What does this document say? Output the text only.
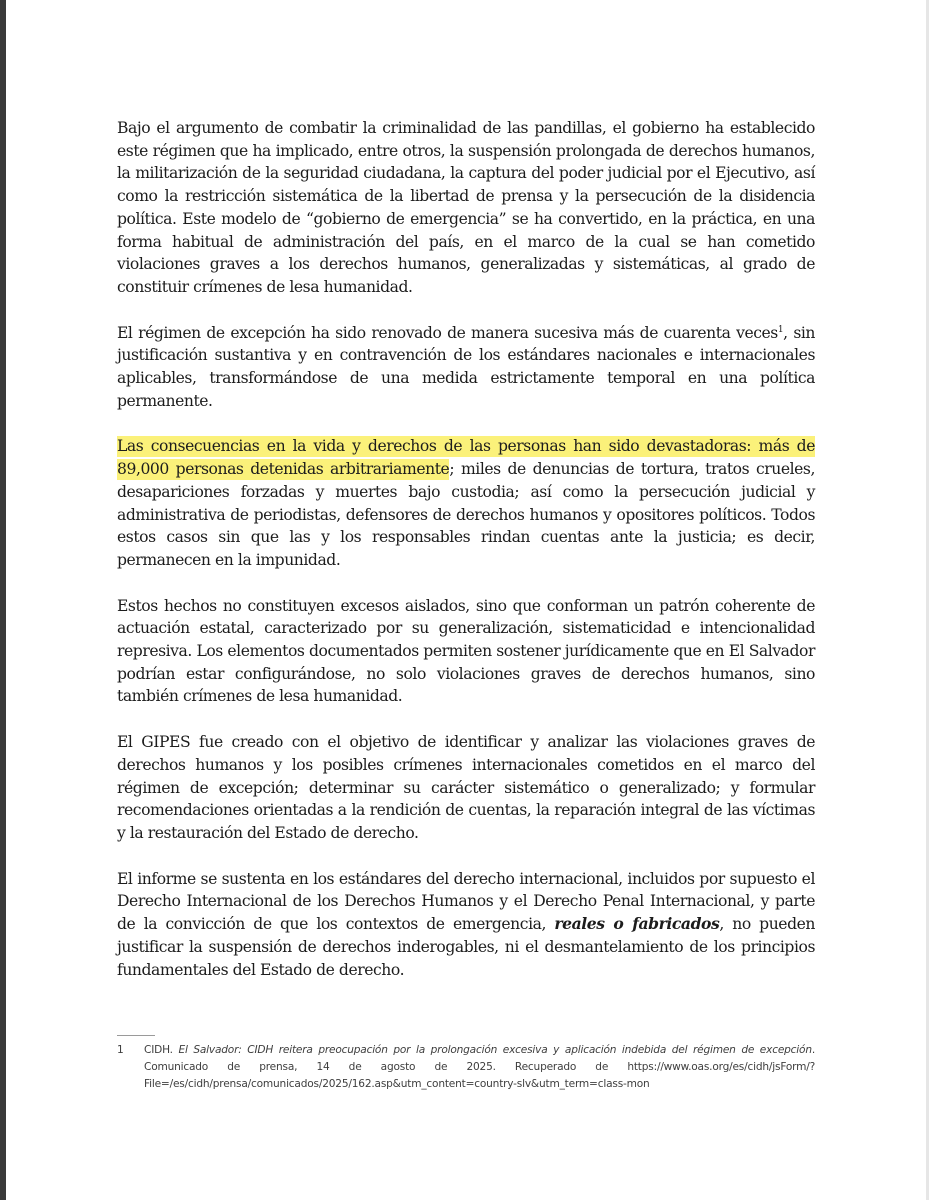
Bajo el argumento de combatir la criminalidad de las pandillas, el gobierno ha establecido este régimen que ha implicado, entre otros, la suspensión prolongada de derechos humanos, la militarización de la seguridad ciudadana, la captura del poder judicial por el Ejecutivo, así como la restricción sistemática de la libertad de prensa y la persecución de la disidencia política. Este modelo de “gobierno de emergencia” se ha convertido, en la práctica, en una forma habitual de administración del país, en el marco de la cual se han cometido violaciones graves a los derechos humanos, generalizadas y sistemáticas, al grado de constituir crímenes de lesa humanidad.

El régimen de excepción ha sido renovado de manera sucesiva más de cuarenta veces$^1$, sin justificación sustantiva y en contravención de los estándares nacionales e internacionales aplicables, transformándose de una medida estrictamente temporal en una política permanente.

Las consecuencias en la vida y derechos de las personas han sido devastadoras: más de 89,000 personas detenidas arbitrariamente; miles de denuncias de tortura, tratos crueles, desapariciones forzadas y muertes bajo custodia; así como la persecución judicial y administrativa de periodistas, defensores de derechos humanos y opositores políticos. Todos estos casos sin que las y los responsables rindan cuentas ante la justicia; es decir, permanecen en la impunidad.

Estos hechos no constituyen excesos aislados, sino que conforman un patrón coherente de actuación estatal, caracterizado por su generalización, sistematicidad e intencionalidad represiva. Los elementos documentados permiten sostener jurídicamente que en El Salvador podrían estar configurándose, no solo violaciones graves de derechos humanos, sino también crímenes de lesa humanidad.

El GIPES fue creado con el objetivo de identificar y analizar las violaciones graves de derechos humanos y los posibles crímenes internacionales cometidos en el marco del régimen de excepción; determinar su carácter sistemático o generalizado; y formular recomendaciones orientadas a la rendición de cuentas, la reparación integral de las víctimas y la restauración del Estado de derecho.

El informe se sustenta en los estándares del derecho internacional, incluidos por supuesto el Derecho Internacional de los Derechos Humanos y el Derecho Penal Internacional, y parte de la convicción de que los contextos de emergencia, reales o fabricados, no pueden justificar la suspensión de derechos inderogables, ni el desmantelamiento de los principios fundamentales del Estado de derecho.

1	CIDH. El Salvador: CIDH reitera preocupación por la prolongación excesiva y aplicación indebida del régimen de excepción. Comunicado de prensa, 14 de agosto de 2025. Recuperado de https://www.oas.org/es/cidh/jsForm/?File=/es/cidh/prensa/comunicados/2025/162.asp&utm_content=country-slv&utm_term=class-mon
